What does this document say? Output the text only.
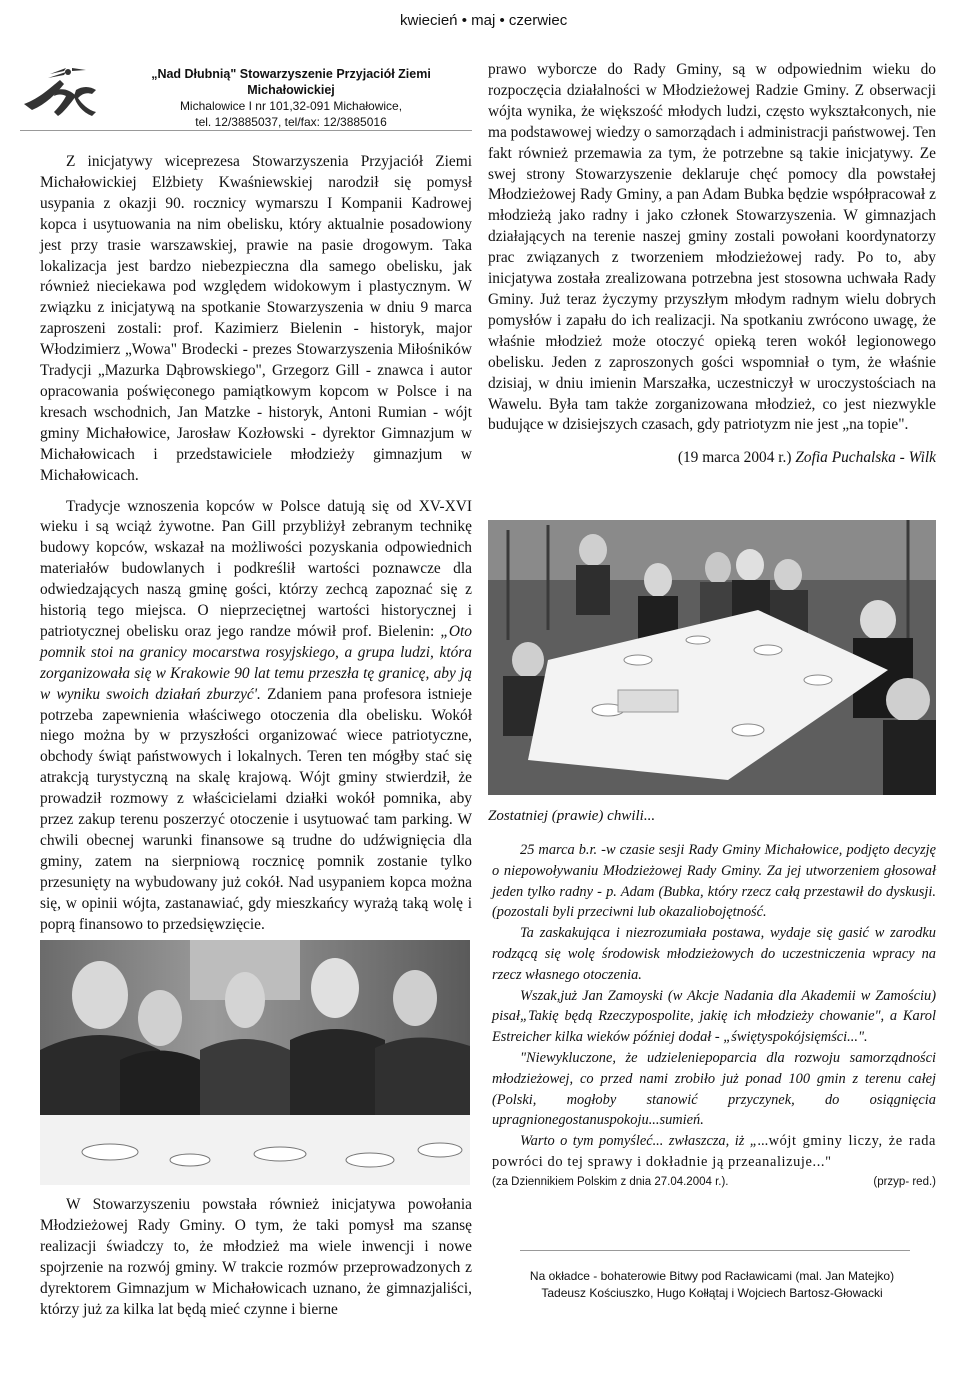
kwiecień • maj • czerwiec
„Nad Dłubnią" Stowarzyszenie Przyjaciół Ziemi Michałowickiej
Michalowice I nr 101,32-091 Michałowice,
tel. 12/3885037, tel/fax: 12/3885016

Z inicjatywy wiceprezesa Stowarzyszenia Przyjaciół Ziemi Michałowickiej Elżbiety Kwaśniewskiej narodził się pomysł usypania z okazji 90. rocznicy wymarszu I Kompanii Kadrowej kopca i usytuowania na nim obelisku, który aktualnie posadowiony jest przy trasie warszawskiej, prawie na pasie drogowym. Taka lokalizacja jest bardzo niebezpieczna dla samego obelisku, jak również nieciekawa pod względem widokowym i plastycznym. W związku z inicjatywą na spotkanie Stowarzyszenia w dniu 9 marca zaproszeni zostali: prof. Kazimierz Bielenin - historyk, major Włodzimierz „Wowa" Brodecki - prezes Stowarzyszenia Miłośników Tradycji „Mazurka Dąbrowskiego", Grzegorz Gill - znawca i autor opracowania poświęconego pamiątkowym kopcom w Polsce i na kresach wschodnich, Jan Matzke - historyk, Antoni Rumian - wójt gminy Michałowice, Jarosław Kozłowski - dyrektor Gimnazjum w Michałowicach i przedstawiciele młodzieży gimnazjum w Michałowicach.

Tradycje wznoszenia kopców w Polsce datują się od XV-XVI wieku i są wciąż żywotne. Pan Gill przybliżył zebranym technikę budowy kopców, wskazał na możliwości pozyskania odpowiednich materiałów budowlanych i podkreślił wartości poznawcze dla odwiedzających naszą gminę gości, którzy zechcą zapoznać się z historią tego miejsca. O nieprzeciętnej wartości historycznej i patriotycznej obelisku oraz jego randze mówił prof. Bielenin: „Oto pomnik stoi na granicy mocarstwa rosyjskiego, a grupa ludzi, która zorganizowała się w Krakowie 90 lat temu przeszła tę granicę, aby ją w wyniku swoich działań zburzyć'. Zdaniem pana profesora istnieje potrzeba zapewnienia właściwego otoczenia dla obelisku. Wokół niego można by w przyszłości organizować wiece patriotyczne, obchody świąt państwowych i lokalnych. Teren ten mógłby stać się atrakcją turystyczną na skalę krajową. Wójt gminy stwierdził, że prowadził rozmowy z właścicielami działki wokół pomnika, aby przez zakup terenu poszerzyć otoczenie i usytuować tam parking. W chwili obecnej warunki finansowe są trudne do udźwignięcia dla gminy, zatem na sierpniową rocznicę pomnik zostanie tylko przesunięty na wybudowany już cokół. Nad usypaniem kopca można się, w opinii wójta, zastanawiać, gdy mieszkańcy wyrażą taką wolę i poprą finansowo to przedsięwzięcie.

W Stowarzyszeniu powstała również inicjatywa powołania Młodzieżowej Rady Gminy. O tym, że taki pomysł ma szansę realizacji świadczy to, że młodzież ma wiele inwencji i nowe spojrzenie na rozwój gminy. W trakcie rozmów przeprowadzonych z dyrektorem Gimnazjum w Michałowicach uznano, że gimnazjaliści, którzy już za kilka lat będą mieć czynne i bierne

prawo wyborcze do Rady Gminy, są w odpowiednim wieku do rozpoczęcia działalności w Młodzieżowej Radzie Gminy. Z obserwacji wójta wynika, że większość młodych ludzi, często wykształconych, nie ma podstawowej wiedzy o samorządach i administracji państwowej. Ten fakt również przemawia za tym, że potrzebne są takie inicjatywy. Ze swej strony Stowarzyszenie deklaruje chęć pomocy dla powstałej Młodzieżowej Rady Gminy, a pan Adam Bubka będzie współpracował z młodzieżą jako radny i jako członek Stowarzyszenia. W gimnazjach działających na terenie naszej gminy zostali powołani koordynatorzy prac związanych z tworzeniem młodzieżowej rady. Po to, aby inicjatywa została zrealizowana potrzebna jest stosowna uchwała Rady Gminy. Już teraz życzymy przyszłym młodym radnym wielu dobrych pomysłów i zapału do ich realizacji. Na spotkaniu zwrócono uwagę, że właśnie młodzież może otoczyć opieką teren wokół legionowego obelisku. Jeden z zaproszonych gości wspomniał o tym, że właśnie dzisiaj, w dniu imienin Marszałka, uczestniczył w uroczystościach na Wawelu. Była tam także zorganizowana młodzież, co jest niezwykle budujące w dzisiejszych czasach, gdy patriotyzm nie jest „na topie".

(19 marca 2004 r.) Zofia Puchalska - Wilk

Zostatniej (prawie) chwili...

25 marca b.r. -w czasie sesji Rady Gminy Michałowice, podjęto decyzję o niepowoływaniu Młodzieżowej Rady Gminy. Za jej utworzeniem głosował jeden tylko radny - p. Adam (Bubka, który rzecz całą przestawił do dyskusji. (pozostali byli przeciwni lub okazaliobojętność.

Ta zaskakująca i niezrozumiała postawa, wydaje się gasić w zarodku rodzącą się wolę środowisk młodzieżowych do uczestniczenia wpracy na rzecz własnego otoczenia.

Wszak,już Jan Zamoyski (w Akcje Nadania dla Akademii w Zamościu) pisał„Takię będą Rzeczypospolite, jakię ich młodzieży chowanie", a Karol Estreicher kilka wieków później dodał - „świętyspokójsięmści...".

"Niewykluczone, że udzieleniepoparcia dla rozwoju samorządności młodzieżowej, co przed nami zrobiło już ponad 100 gmin z terenu całej (Polski, mogłoby stanowić przyczynek, do osiągnięcia upragnionegostanuspokoju...sumień.

Warto o tym pomyśleć... zwłaszcza, iż „...wójt gminy liczy, że rada powróci do tej sprawy i dokładnie ją przeanalizuje..."

(za Dziennikiem Polskim z dnia 27.04.2004 r.).	(przyp- red.)
Na okładce - bohaterowie Bitwy pod Racławicami (mal. Jan Matejko)
Tadeusz Kościuszko, Hugo Kołłątaj i Wojciech Bartosz-Głowacki
